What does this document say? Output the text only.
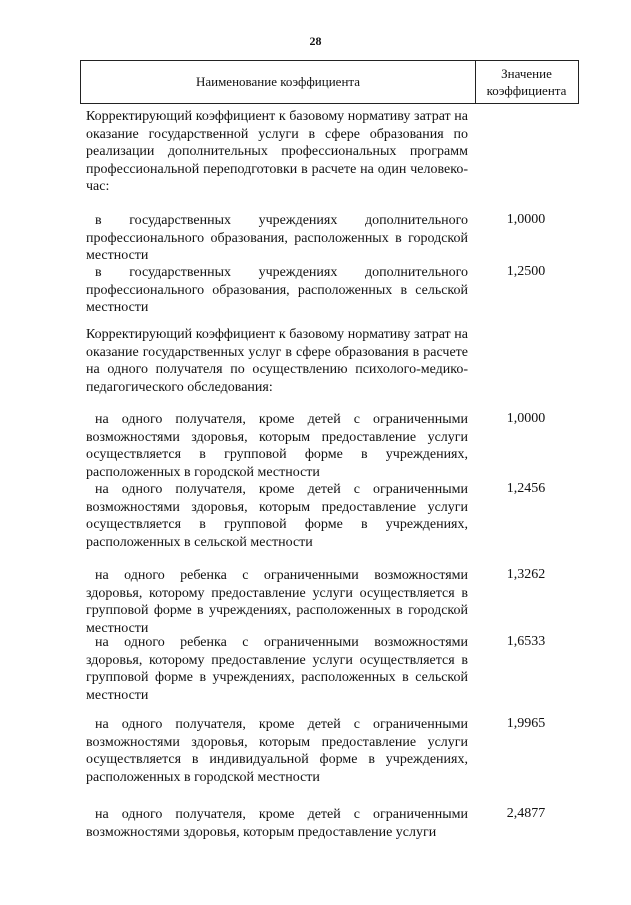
28
Наименование коэффициента
Значение
коэффициента
Корректирующий коэффициент к базовому нормативу затрат на оказание государственной услуги в сфере образования по реализации дополнительных профессиональных программ профессиональной переподготовки в расчете на один человеко-час:
в государственных учреждениях дополнительного профессионального образования, расположенных в городской местности
1,0000
в государственных учреждениях дополнительного профессионального образования, расположенных в сельской местности
1,2500
Корректирующий коэффициент к базовому нормативу затрат на оказание государственных услуг в сфере образования в расчете на одного получателя по осуществлению психолого-медико-педагогического обследования:
на одного получателя, кроме детей с ограниченными возможностями здоровья, которым предоставление услуги осуществляется в групповой форме в учреждениях, расположенных в городской местности
1,0000
на одного получателя, кроме детей с ограниченными возможностями здоровья, которым предоставление услуги осуществляется в групповой форме в учреждениях, расположенных в сельской местности
1,2456
на одного ребенка с ограниченными возможностями здоровья, которому предоставление услуги осуществляется в групповой форме в учреждениях, расположенных в городской местности
1,3262
на одного ребенка с ограниченными возможностями здоровья, которому предоставление услуги осуществляется в групповой форме в учреждениях, расположенных в сельской местности
1,6533
на одного получателя, кроме детей с ограниченными возможностями здоровья, которым предоставление услуги осуществляется в индивидуальной форме в учреждениях, расположенных в городской местности
1,9965
на одного получателя, кроме детей с ограниченными возможностями здоровья, которым предоставление услуги
2,4877
